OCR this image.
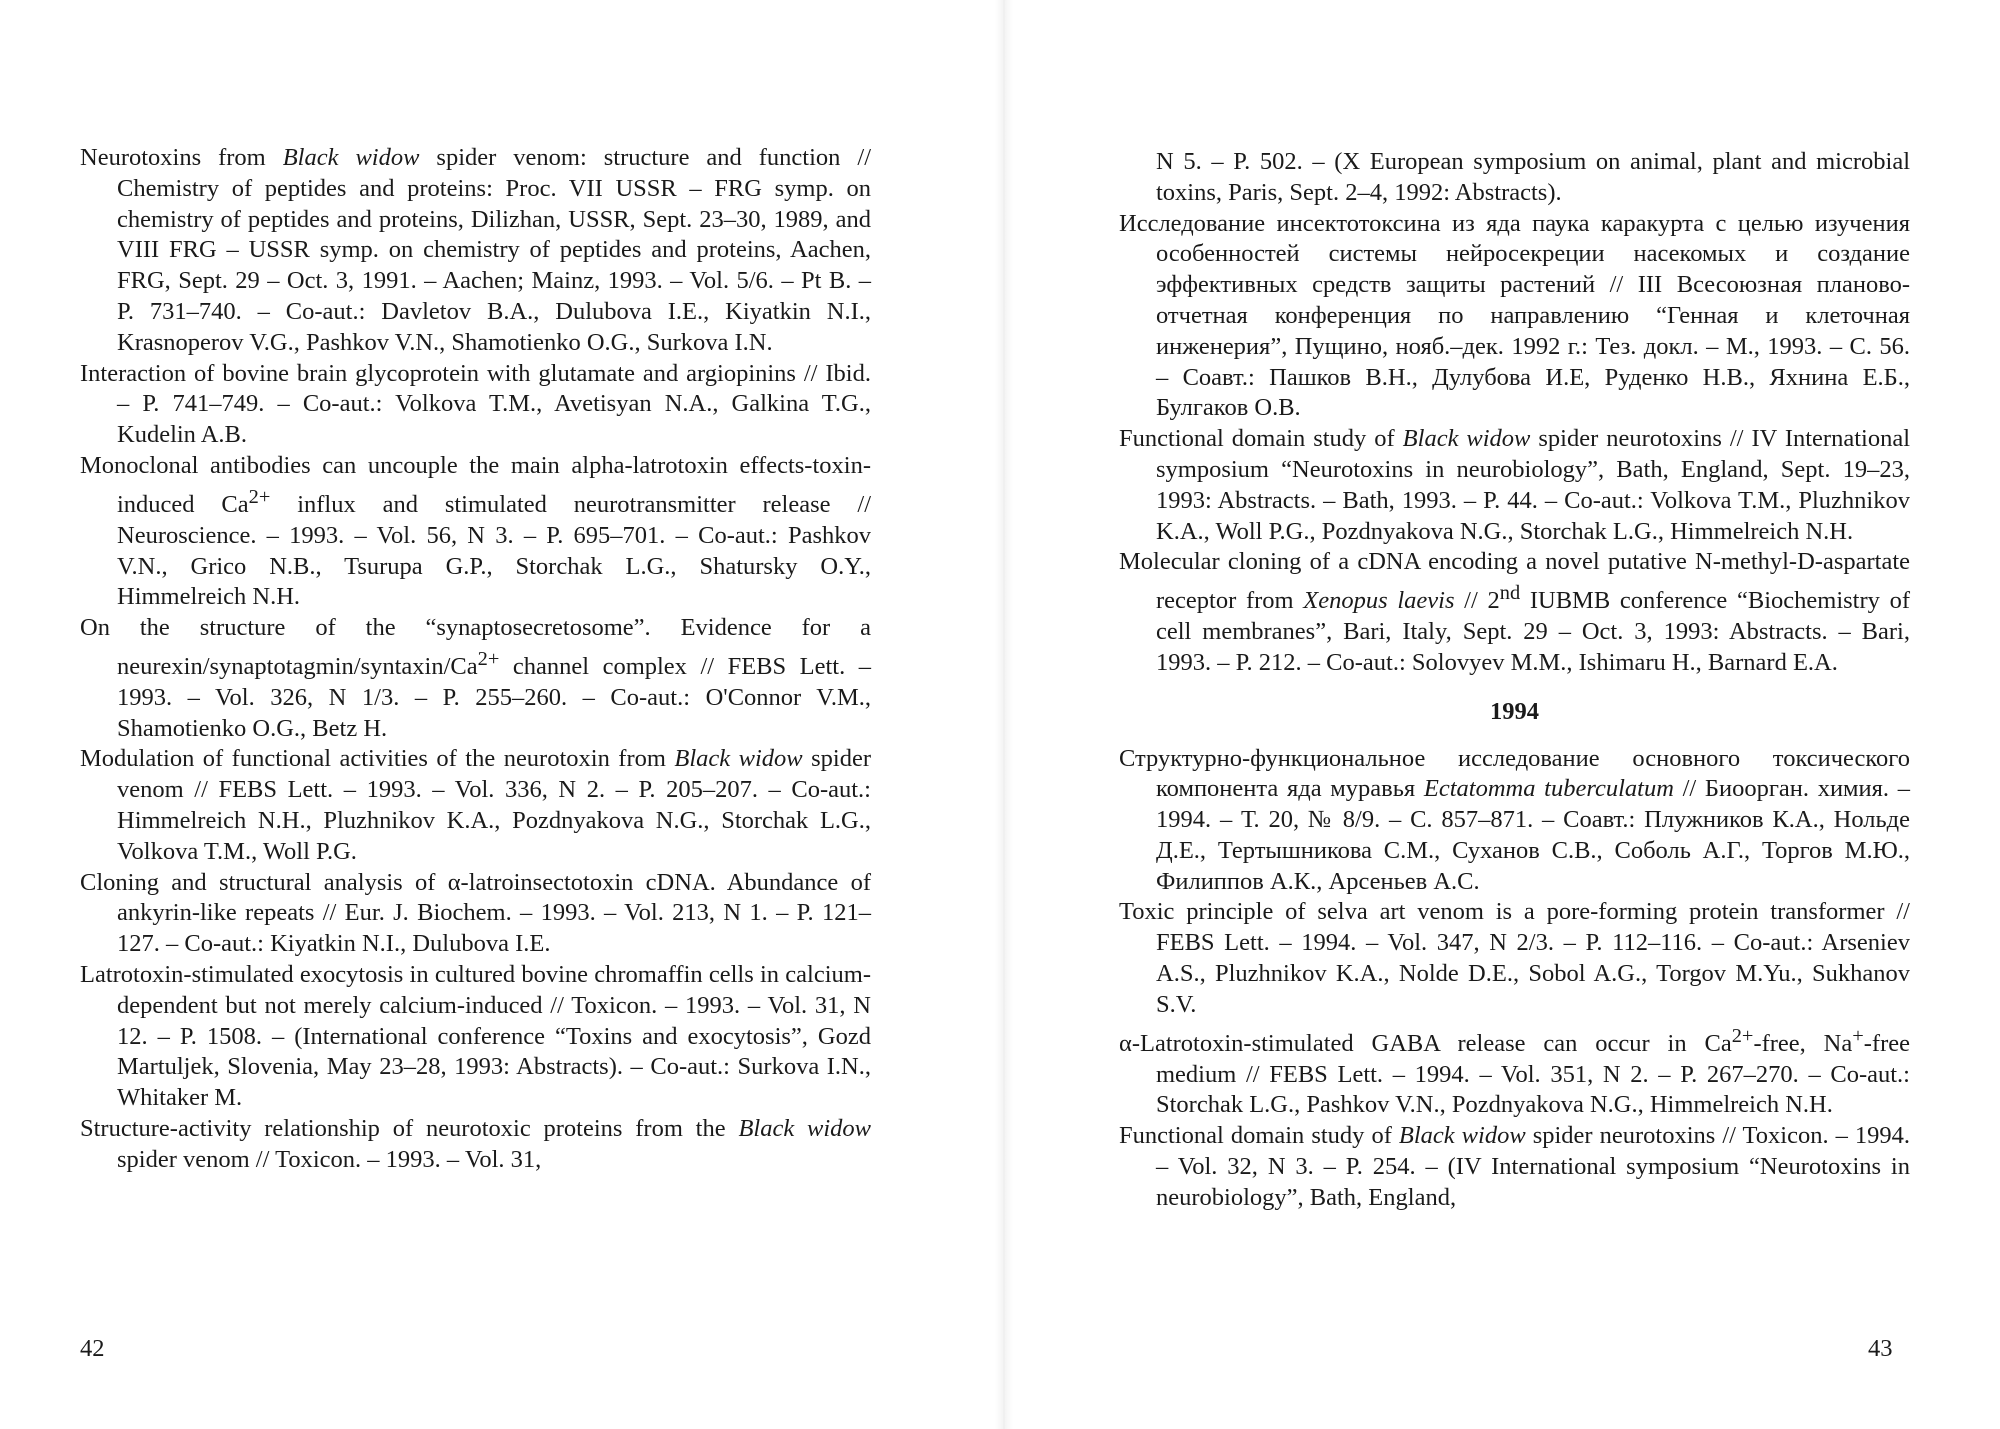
Neurotoxins from Black widow spider venom: structure and function // Chemistry of peptides and proteins: Proc. VII USSR – FRG symp. on chemistry of peptides and proteins, Dilizhan, USSR, Sept. 23–30, 1989, and VIII FRG – USSR symp. on chemistry of peptides and proteins, Aachen, FRG, Sept. 29 – Oct. 3, 1991. – Aachen; Mainz, 1993. – Vol. 5/6. – Pt B. – P. 731–740. – Co-aut.: Davletov B.A., Dulubova I.E., Kiyatkin N.I., Krasnoperov V.G., Pashkov V.N., Shamotienko O.G., Surkova I.N.

Interaction of bovine brain glycoprotein with glutamate and argiopinins // Ibid. – P. 741–749. – Co-aut.: Volkova T.M., Avetisyan N.A., Galkina T.G., Kudelin A.B.

Monoclonal antibodies can uncouple the main alpha-latrotoxin effects-toxin-induced $Ca^{2+}$ influx and stimulated neurotransmitter release // Neuroscience. – 1993. – Vol. 56, N 3. – P. 695–701. – Co-aut.: Pashkov V.N., Grico N.B., Tsurupa G.P., Storchak L.G., Shatursky O.Y., Himmelreich N.H.

On the structure of the “synaptosecretosome”. Evidence for a neurexin/$synaptotagmin/syntaxin/Ca^{2+}$ channel complex // FEBS Lett. – 1993. – Vol. 326, N 1/3. – P. 255–260. – Co-aut.: O'Connor V.M., Shamotienko O.G., Betz H.

Modulation of functional activities of the neurotoxin from Black widow spider venom // FEBS Lett. – 1993. – Vol. 336, N 2. – P. 205–207. – Co-aut.: Himmelreich N.H., Pluzhnikov K.A., Pozdnyakova N.G., Storchak L.G., Volkova T.M., Woll P.G.

Cloning and structural analysis of α-latroinsectotoxin cDNA. Abundance of ankyrin-like repeats // Eur. J. Biochem. – 1993. – Vol. 213, N 1. – P. 121–127. – Co-aut.: Kiyatkin N.I., Dulubova I.E.

Latrotoxin-stimulated exocytosis in cultured bovine chromaffin cells in calcium-dependent but not merely calcium-induced // Toxicon. – 1993. – Vol. 31, N 12. – P. 1508. – (International conference “Toxins and exocytosis”, Gozd Martuljek, Slovenia, May 23–28, 1993: Abstracts). – Co-aut.: Surkova I.N., Whitaker M.

Structure-activity relationship of neurotoxic proteins from the Black widow spider venom // Toxicon. – 1993. – Vol. 31,

42

N 5. – P. 502. – (X European symposium on animal, plant and microbial toxins, Paris, Sept. 2–4, 1992: Abstracts).

Исследование инсектотоксина из яда паука каракурта с целью изучения особенностей системы нейросекреции насекомых и создание эффективных средств защиты растений // III Всесоюзная планово-отчетная конференция по направлению “Генная и клеточная инженерия”, Пущино, нояб.–дек. 1992 г.: Тез. докл. – М., 1993. – С. 56. – Соавт.: Пашков В.Н., Дулубова И.Е, Руденко Н.В., Яхнина Е.Б., Булгаков О.В.

Functional domain study of Black widow spider neurotoxins // IV International symposium “Neurotoxins in neurobiology”, Bath, England, Sept. 19–23, 1993: Abstracts. – Bath, 1993. – P. 44. – Co-aut.: Volkova T.M., Pluzhnikov K.A., Woll P.G., Pozdnyakova N.G., Storchak L.G., Himmelreich N.H.

Molecular cloning of a cDNA encoding a novel putative N-methyl-D-aspartate receptor from Xenopus laevis // 2nd IUBMB conference “Biochemistry of cell membranes”, Bari, Italy, Sept. 29 – Oct. 3, 1993: Abstracts. – Bari, 1993. – P. 212. – Co-aut.: Solovyev M.M., Ishimaru H., Barnard E.A.

1994

Структурно-функциональное исследование основного токсического компонента яда муравья Ectatomma tuberculatum // Биоорган. химия. – 1994. – Т. 20, № 8/9. – С. 857–871. – Соавт.: Плужников К.А., Нольде Д.Е., Тертышникова С.М., Суханов С.В., Соболь А.Г., Торгов М.Ю., Филиппов А.К., Арсеньев А.С.

Toxic principle of selva art venom is a pore-forming protein transformer // FEBS Lett. – 1994. – Vol. 347, N 2/3. – P. 112–116. – Co-aut.: Arseniev A.S., Pluzhnikov K.A., Nolde D.E., Sobol A.G., Torgov M.Yu., Sukhanov S.V.

α-Latrotoxin-stimulated GABA release can occur in $Ca^{2+}$-free, Na+-free medium // FEBS Lett. – 1994. – Vol. 351, N 2. – P. 267–270. – Co-aut.: Storchak L.G., Pashkov V.N., Pozdnyakova N.G., Himmelreich N.H.

Functional domain study of Black widow spider neurotoxins // Toxicon. – 1994. – Vol. 32, N 3. – P. 254. – (IV International symposium “Neurotoxins in neurobiology”, Bath, England,

43
